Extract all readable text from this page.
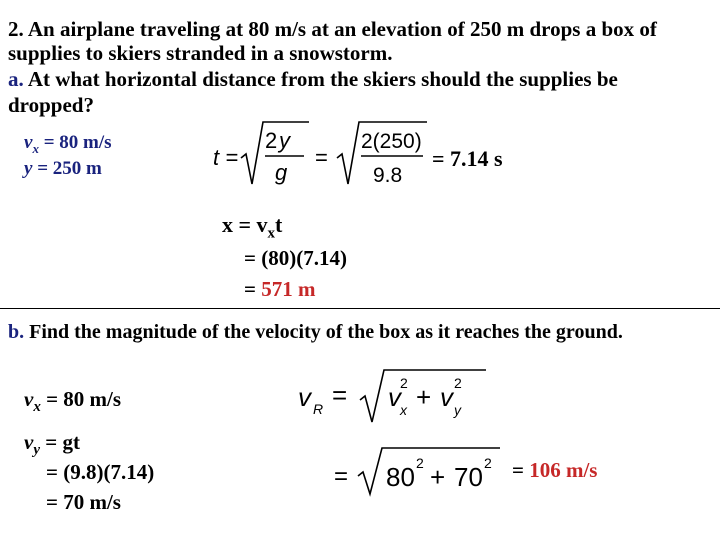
2. An airplane traveling at 80 m/s at an elevation of 250 m drops a box of
supplies to skiers stranded in a snowstorm.
a. At what horizontal distance from the skiers should the supplies be
dropped?
$v_x = 80$ m/s
y = 250 m	t =
2 y
g
=
2(250)
9.8
= 7.14 s
$x = v_xt$
= (80)(7.14)
= 571 m
b. Find the magnitude of the velocity of the box as it reaches the ground.
$v_x = 80$ m/s
$v_y$ = gt
= (9.8)(7.14)
= 70 m/s
v R = v 2
x + v 2
y
= 80 2 + 70 2 = 106 m/s
